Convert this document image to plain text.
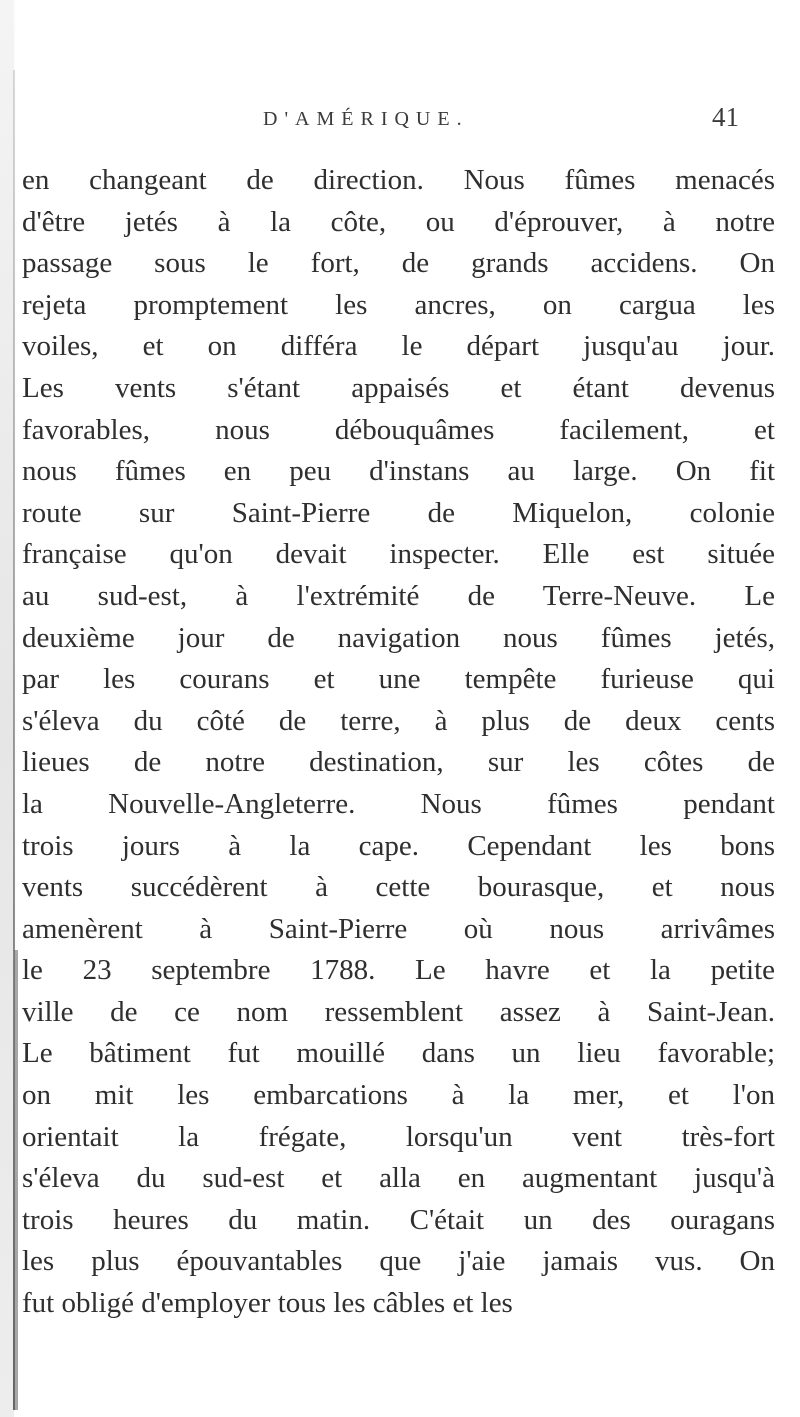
D'AMÉRIQUE.	41
en changeant de direction. Nous fûmes menacés
d'être jetés à la côte, ou d'éprouver, à notre
passage sous le fort, de grands accidens. On
rejeta promptement les ancres, on cargua les
voiles, et on différa le départ jusqu'au jour.
Les vents s'étant appaisés et étant devenus
favorables, nous débouquâmes facilement, et
nous fûmes en peu d'instans au large. On fit
route sur Saint-Pierre de Miquelon, colonie
française qu'on devait inspecter. Elle est située
au sud-est, à l'extrémité de Terre-Neuve. Le
deuxième jour de navigation nous fûmes jetés,
par les courans et une tempête furieuse qui
s'éleva du côté de terre, à plus de deux cents
lieues de notre destination, sur les côtes de
la Nouvelle-Angleterre. Nous fûmes pendant
trois jours à la cape. Cependant les bons
vents succédèrent à cette bourasque, et nous
amenèrent à Saint-Pierre où nous arrivâmes
le 23 septembre 1788. Le havre et la petite
ville de ce nom ressemblent assez à Saint-Jean.
Le bâtiment fut mouillé dans un lieu favorable;
on mit les embarcations à la mer, et l'on
orientait la frégate, lorsqu'un vent très-fort
s'éleva du sud-est et alla en augmentant jusqu'à
trois heures du matin. C'était un des ouragans
les plus épouvantables que j'aie jamais vus. On
fut obligé d'employer tous les câbles et les
